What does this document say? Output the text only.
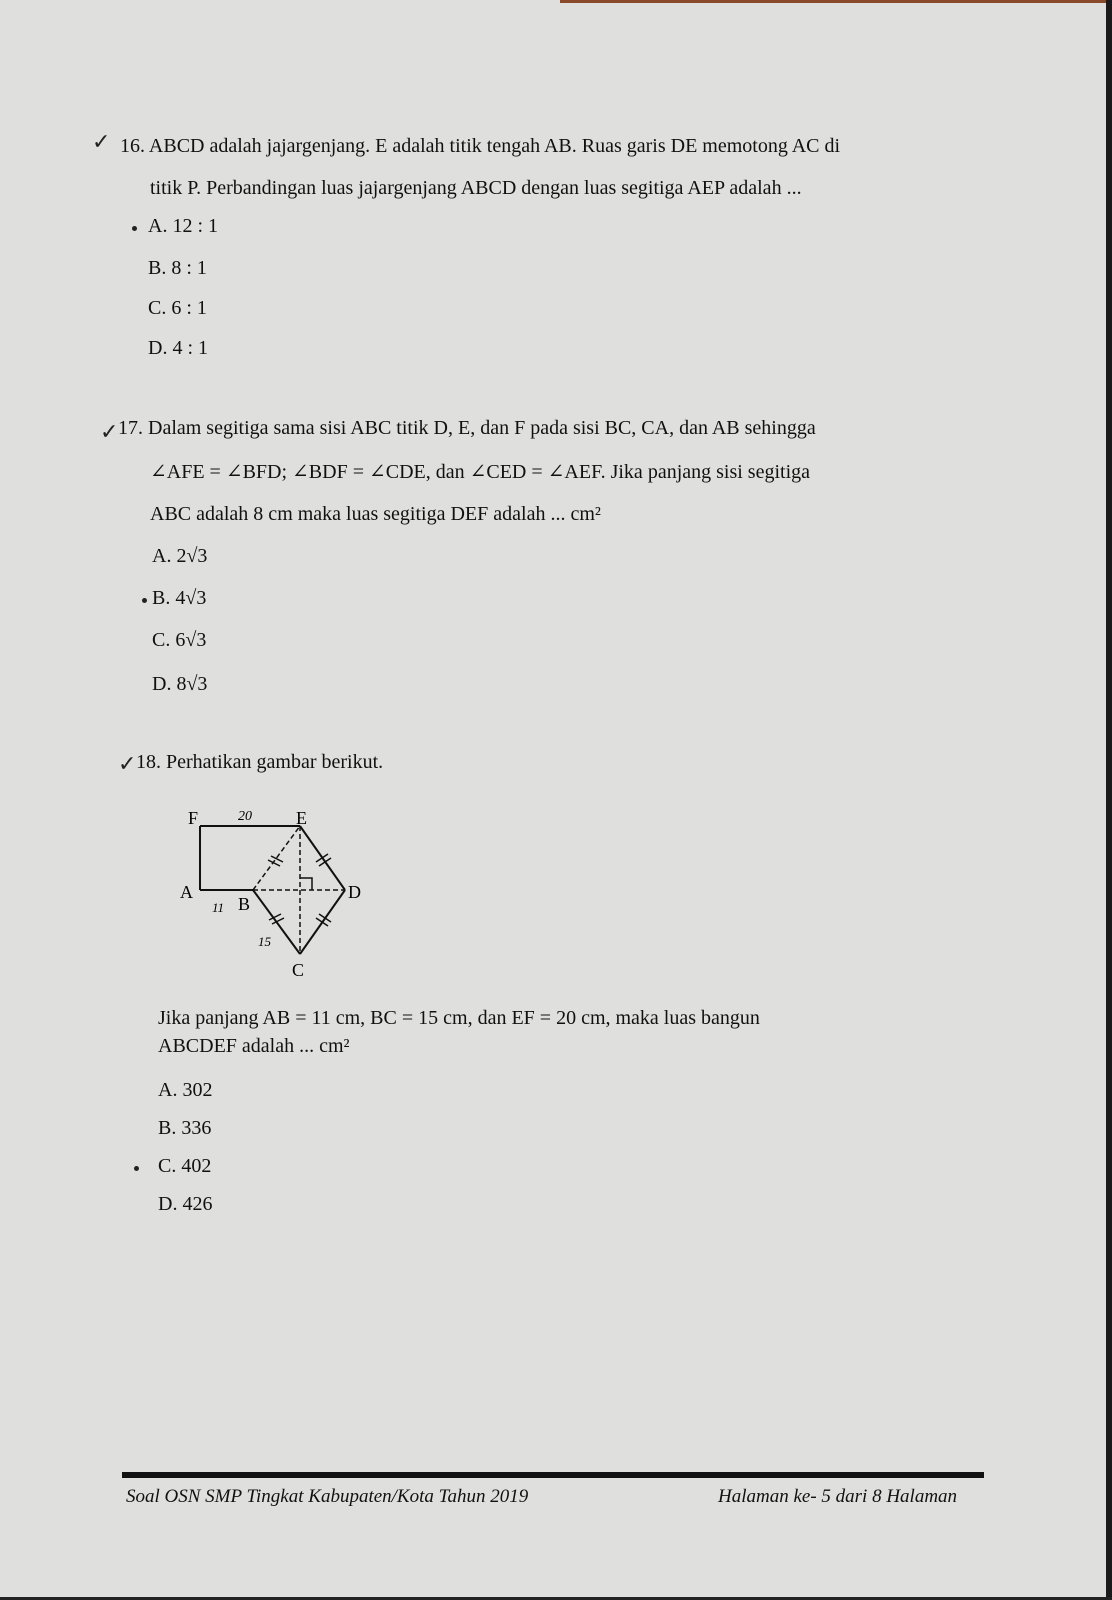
✓ 16. ABCD adalah jajargenjang. E adalah titik tengah AB. Ruas garis DE memotong AC di
titik P. Perbandingan luas jajargenjang ABCD dengan luas segitiga AEP adalah ...
A. 12 : 1
B. 8 : 1
C. 6 : 1
D. 4 : 1
✓ 17. Dalam segitiga sama sisi ABC titik D, E, dan F pada sisi BC, CA, dan AB sehingga
∠AFE = ∠BFD; ∠BDF = ∠CDE, dan ∠CED = ∠AEF. Jika panjang sisi segitiga
ABC adalah 8 cm maka luas segitiga DEF adalah ... cm²
A. 2√3
B. 4√3
C. 6√3
D. 8√3
✓ 18. Perhatikan gambar berikut.
F	E
A
B
D
C
20
11
15
Jika panjang AB = 11 cm, BC = 15 cm, dan EF = 20 cm, maka luas bangun
ABCDEF adalah ... cm²
A. 302
B. 336
C. 402
D. 426
Soal OSN SMP Tingkat Kabupaten/Kota Tahun 2019	Halaman ke- 5 dari 8 Halaman
